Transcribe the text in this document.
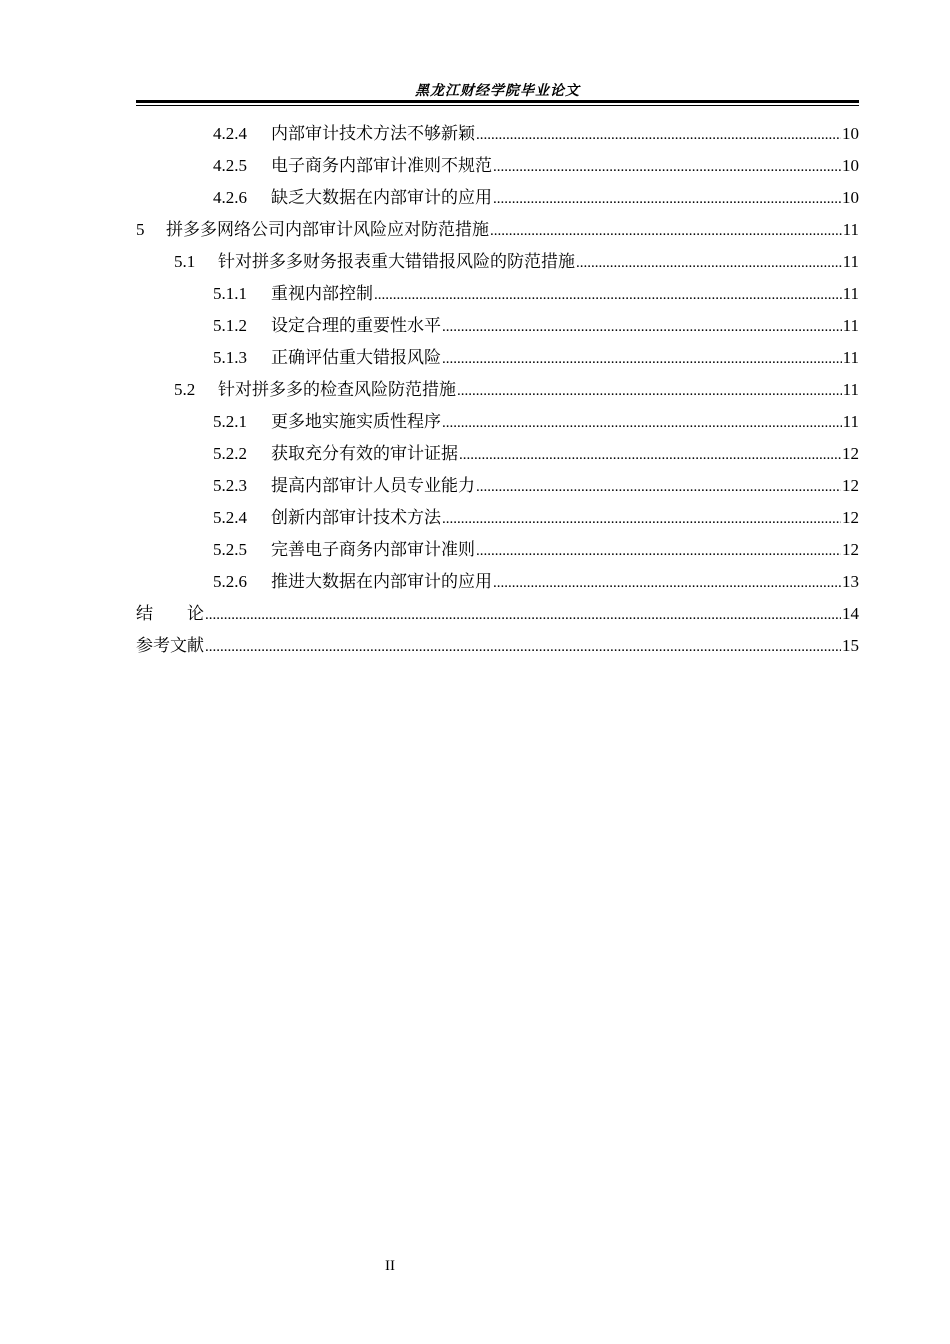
黑龙江财经学院毕业论文
4.2.4	内部审计技术方法不够新颖 .....	10
4.2.5	电子商务内部审计准则不规范 .....	10
4.2.6	缺乏大数据在内部审计的应用 .....	10
5	拼多多网络公司内部审计风险应对防范措施 .....	11
5.1	针对拼多多财务报表重大错错报风险的防范措施 .....	11
5.1.1	重视内部控制 .....	11
5.1.2	设定合理的重要性水平 .....	11
5.1.3	正确评估重大错报风险 .....	11
5.2	针对拼多多的检查风险防范措施 .....	11
5.2.1	更多地实施实质性程序 .....	11
5.2.2	获取充分有效的审计证据 .....	12
5.2.3	提高内部审计人员专业能力 .....	12
5.2.4	创新内部审计技术方法 .....	12
5.2.5	完善电子商务内部审计准则 .....	12
5.2.6	推进大数据在内部审计的应用 .....	13
结　　论 .....	14
参考文献 .....	15
II
